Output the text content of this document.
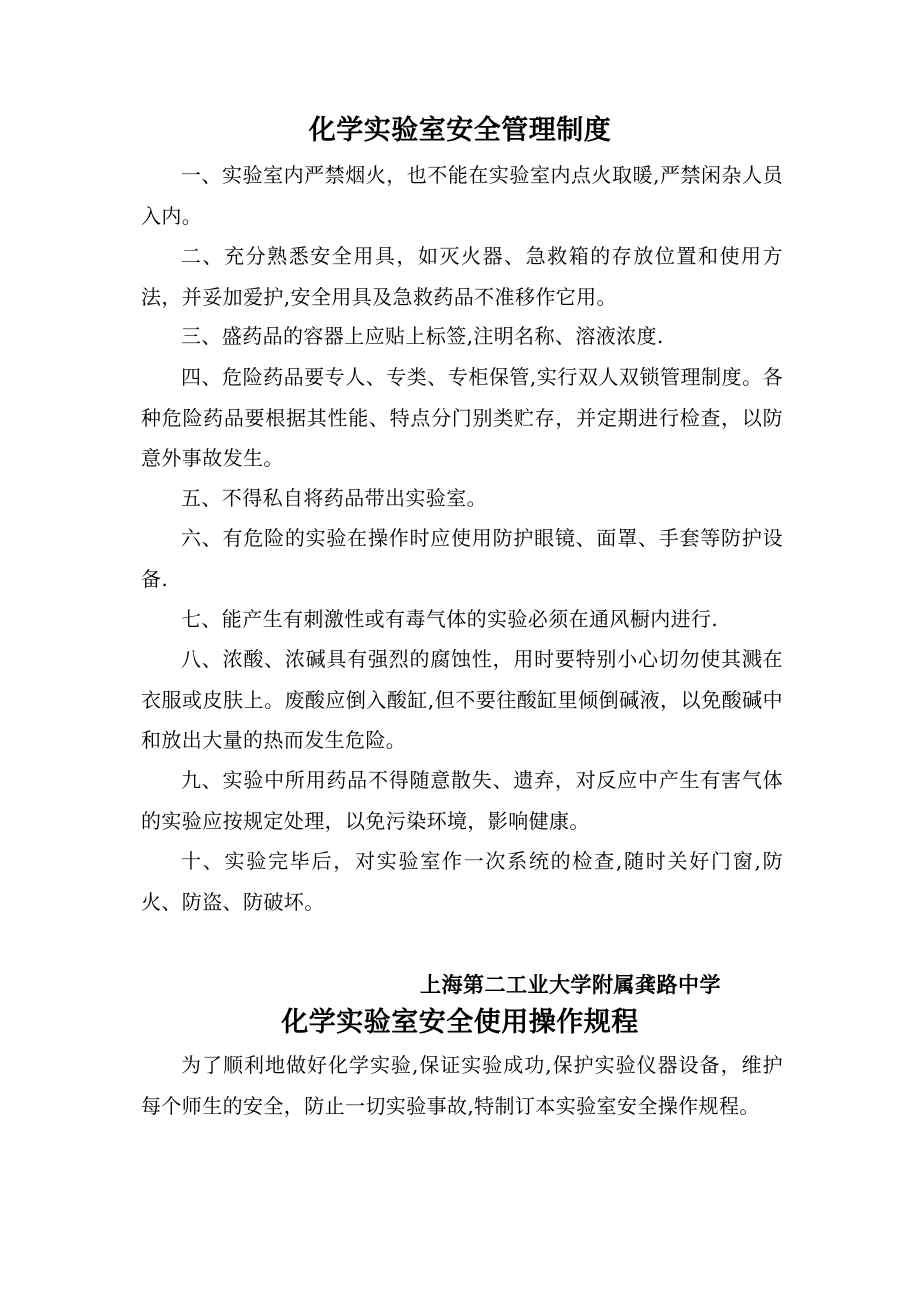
化学实验室安全管理制度
一、实验室内严禁烟火，也不能在实验室内点火取暖,严禁闲杂人员入内。
二、充分熟悉安全用具，如灭火器、急救箱的存放位置和使用方法，并妥加爱护,安全用具及急救药品不准移作它用。
三、盛药品的容器上应贴上标签,注明名称、溶液浓度.
四、危险药品要专人、专类、专柜保管,实行双人双锁管理制度。各种危险药品要根据其性能、特点分门别类贮存，并定期进行检查，以防意外事故发生。
五、不得私自将药品带出实验室。
六、有危险的实验在操作时应使用防护眼镜、面罩、手套等防护设备.
七、能产生有刺激性或有毒气体的实验必须在通风橱内进行.
八、浓酸、浓碱具有强烈的腐蚀性，用时要特别小心切勿使其溅在衣服或皮肤上。废酸应倒入酸缸,但不要往酸缸里倾倒碱液，以免酸碱中和放出大量的热而发生危险。
九、实验中所用药品不得随意散失、遗弃，对反应中产生有害气体的实验应按规定处理，以免污染环境，影响健康。
十、实验完毕后，对实验室作一次系统的检查,随时关好门窗,防火、防盗、防破坏。
上海第二工业大学附属龚路中学
化学实验室安全使用操作规程
为了顺利地做好化学实验,保证实验成功,保护实验仪器设备，维护每个师生的安全，防止一切实验事故,特制订本实验室安全操作规程。
